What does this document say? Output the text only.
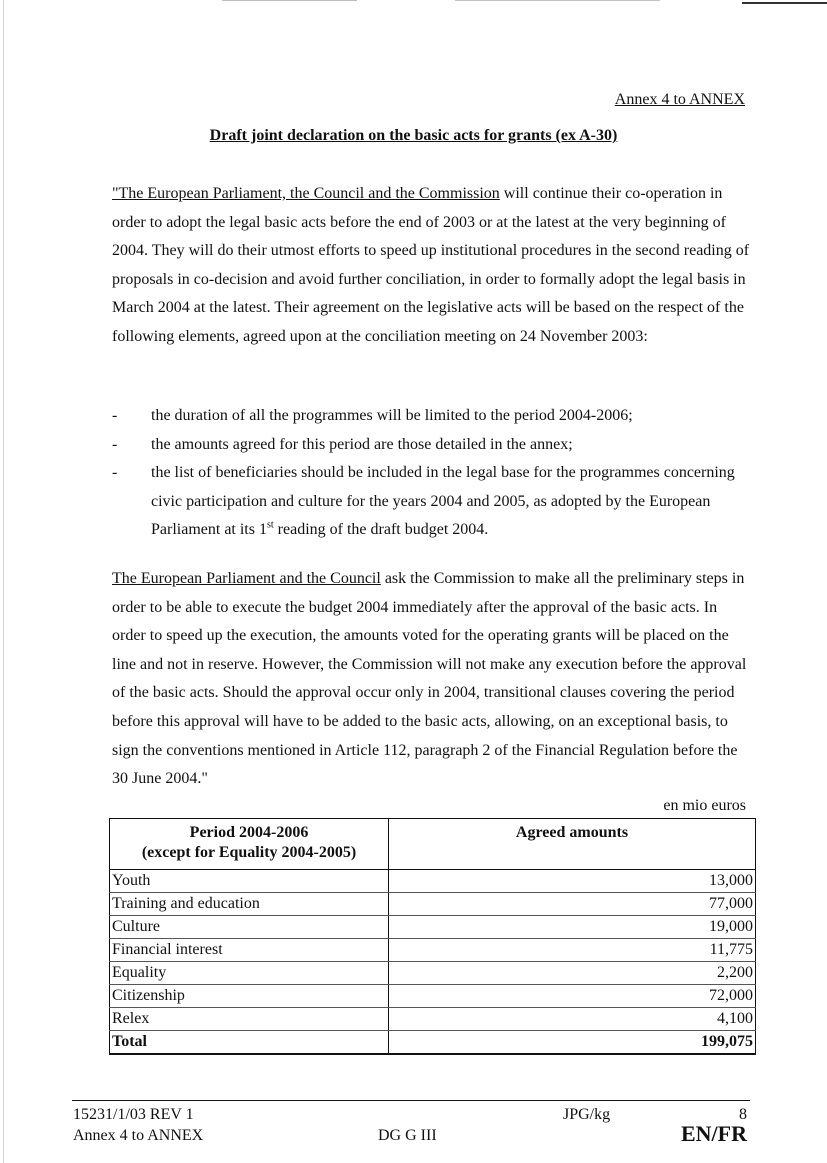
Annex 4 to ANNEX
Draft joint declaration on the basic acts for grants (ex A-30)

"The European Parliament, the Council and the Commission will continue their co-operation in order to adopt the legal basic acts before the end of 2003 or at the latest at the very beginning of 2004. They will do their utmost efforts to speed up institutional procedures in the second reading of proposals in co-decision and avoid further conciliation, in order to formally adopt the legal basis in March 2004 at the latest. Their agreement on the legislative acts will be based on the respect of the following elements, agreed upon at the conciliation meeting on 24 November 2003:

- the duration of all the programmes will be limited to the period 2004-2006;
- the amounts agreed for this period are those detailed in the annex;
- the list of beneficiaries should be included in the legal base for the programmes concerning civic participation and culture for the years 2004 and 2005, as adopted by the European Parliament at its 1st reading of the draft budget 2004.

The European Parliament and the Council ask the Commission to make all the preliminary steps in order to be able to execute the budget 2004 immediately after the approval of the basic acts. In order to speed up the execution, the amounts voted for the operating grants will be placed on the line and not in reserve. However, the Commission will not make any execution before the approval of the basic acts. Should the approval occur only in 2004, transitional clauses covering the period before this approval will have to be added to the basic acts, allowing, on an exceptional basis, to sign the conventions mentioned in Article 112, paragraph 2 of the Financial Regulation before the 30 June 2004."

en mio euros
Period 2004-2006
(except for Equality 2004-2005)	Agreed amounts
Youth	13,000
Training and education	77,000
Culture	19,000
Financial interest	11,775
Equality	2,200
Citizenship	72,000
Relex	4,100
Total	199,075
15231/1/03 REV 1
Annex 4 to ANNEX	DG G III
JPG/kg	8
EN/FR
